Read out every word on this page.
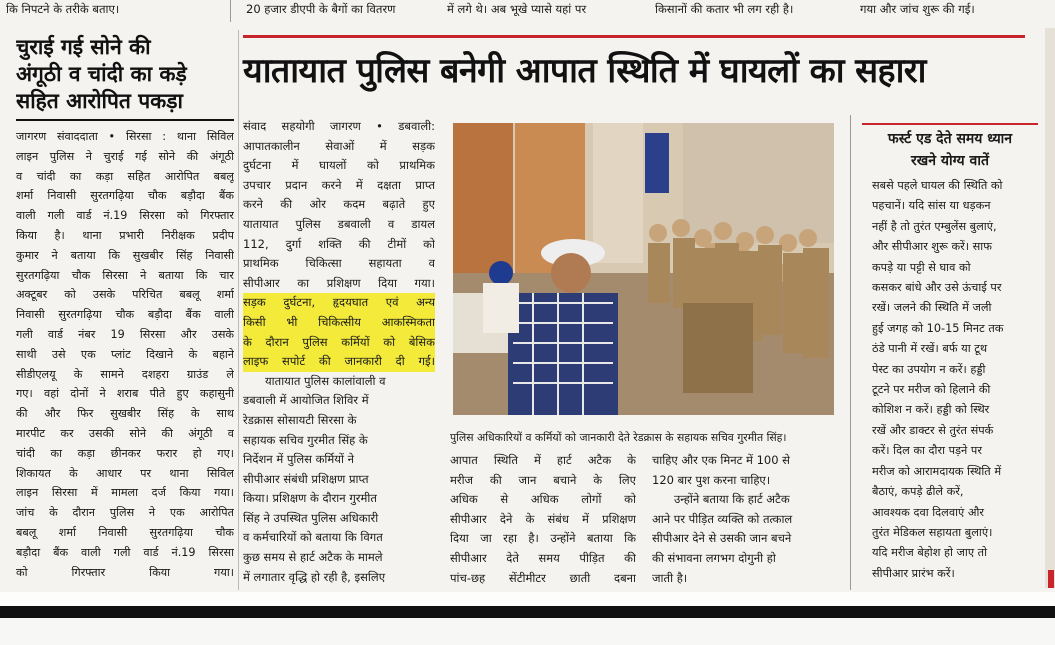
कि निपटने के तरीके बताए।	20 हजार डीएपी के बैगों का वितरण	में लगे थे। अब भूखे प्यासे यहां पर	किसानों की कतार भी लग रही है।	गया और जांच शुरू की गई।
चुराई गई सोने की
अंगूठी व चांदी का कड़े
सहित आरोपित पकड़ा
जागरण संवाददाता • सिरसा : थाना सिविल
लाइन पुलिस ने चुराई गई सोने की अंगूठी
व चांदी का कड़ा सहित आरोपित बबलू
शर्मा निवासी सुरतगढ़िया चौक बड़ौदा बैंक
वाली गली वार्ड नं.19 सिरसा को गिरफ्तार
किया है। थाना प्रभारी निरीक्षक प्रदीप
कुमार ने बताया कि सुखबीर सिंह निवासी
सुरतगढ़िया चौक सिरसा ने बताया कि चार
अक्टूबर को उसके परिचित बबलू शर्मा
निवासी सुरतगढ़िया चौक बड़ौदा बैंक वाली
गली वार्ड नंबर 19 सिरसा और उसके
साथी उसे एक प्लांट दिखाने के बहाने
सीडीएलयू के सामने दशहरा ग्राउंड ले
गए। वहां दोनों ने शराब पीते हुए कहासुनी
की और फिर सुखबीर सिंह के साथ
मारपीट कर उसकी सोने की अंगूठी व
चांदी का कड़ा छीनकर फरार हो गए।
शिकायत के आधार पर थाना सिविल
लाइन सिरसा में मामला दर्ज किया गया।
जांच के दौरान पुलिस ने एक आरोपित
बबलू शर्मा निवासी सुरतगढ़िया चौक
बड़ौदा बैंक वाली गली वार्ड नं.19 सिरसा
को गिरफ्तार किया गया।
यातायात पुलिस बनेगी आपात स्थिति में घायलों का सहारा
संवाद सहयोगी जागरण • डबवाली:
आपातकालीन सेवाओं में सड़क
दुर्घटना में घायलों को प्राथमिक
उपचार प्रदान करने में दक्षता प्राप्त
करने की ओर कदम बढ़ाते हुए
यातायात पुलिस डबवाली व डायल
112, दुर्गा शक्ति की टीमों को
प्राथमिक चिकित्सा सहायता व
सीपीआर का प्रशिक्षण दिया गया।
सड़क दुर्घटना, हृदयघात एवं अन्य
किसी भी चिकित्सीय आकस्मिकता
के दौरान पुलिस कर्मियों को बेसिक
लाइफ सपोर्ट की जानकारी दी गई।
यातायात पुलिस कालांवाली व
डबवाली में आयोजित शिविर में
रेडक्रास सोसायटी सिरसा के
सहायक सचिव गुरमीत सिंह के
निर्देशन में पुलिस कर्मियों ने
सीपीआर संबंधी प्रशिक्षण प्राप्त
किया। प्रशिक्षण के दौरान गुरमीत
सिंह ने उपस्थित पुलिस अधिकारी
व कर्मचारियों को बताया कि विगत
कुछ समय से हार्ट अटैक के मामले
में लगातार वृद्धि हो रही है, इसलिए
पुलिस अधिकारियों व कर्मियों को जानकारी देते रेडक्रास के सहायक सचिव गुरमीत सिंह।
आपात स्थिति में हार्ट अटैक के
मरीज की जान बचाने के लिए
अधिक से अधिक लोगों को
सीपीआर देने के संबंध में प्रशिक्षण
दिया जा रहा है। उन्होंने बताया कि
सीपीआर देते समय पीड़ित की
पांच-छह सेंटीमीटर छाती दबना
चाहिए और एक मिनट में 100 से
120 बार पुश करना चाहिए।
उन्होंने बताया कि हार्ट अटैक
आने पर पीड़ित व्यक्ति को तत्काल
सीपीआर देने से उसकी जान बचने
की संभावना लगभग दोगुनी हो
जाती है।
फर्स्ट एड देते समय ध्यान
रखने योग्य वातें
सबसे पहले घायल की स्थिति को
पहचानें। यदि सांस या धड़कन
नहीं है तो तुरंत एम्बुलेंस बुलाएं,
और सीपीआर शुरू करें। साफ
कपड़े या पट्टी से घाव को
कसकर बांधे और उसे ऊंचाई पर
रखें। जलने की स्थिति में जली
हुई जगह को 10-15 मिनट तक
ठंडे पानी में रखें। बर्फ या टूथ
पेस्ट का उपयोग न करें। हड्डी
टूटने पर मरीज को हिलाने की
कोशिश न करें। हड्डी को स्थिर
रखें और डाक्टर से तुरंत संपर्क
करें। दिल का दौरा पड़ने पर
मरीज को आरामदायक स्थिति में
बैठाएं, कपड़े ढीले करें,
आवश्यक दवा दिलवाएं और
तुरंत मेडिकल सहायता बुलाएं।
यदि मरीज बेहोश हो जाए तो
सीपीआर प्रारंभ करें।
